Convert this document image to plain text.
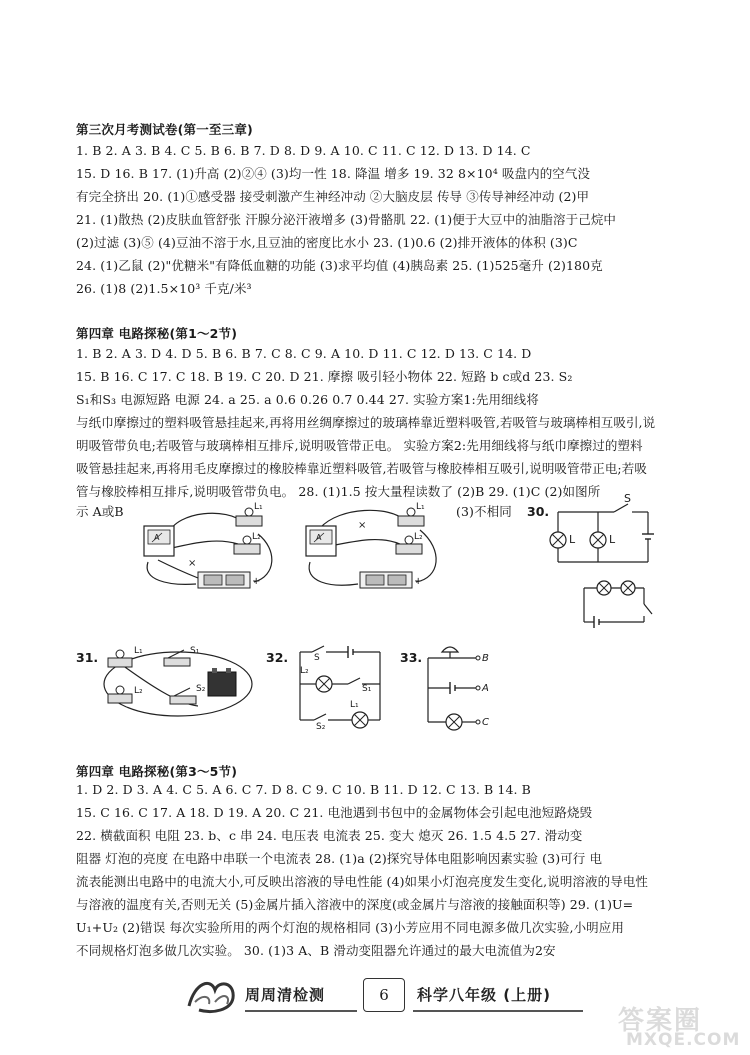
第三次月考测试卷(第一至三章)
1. B 2. A 3. B 4. C 5. B 6. B 7. D 8. D 9. A 10. C 11. C 12. D 13. D 14. C
15. D 16. B 17. (1)升高 (2)②④ (3)均一性 18. 降温 增多 19. 32 8×10⁴ 吸盘内的空气没
有完全挤出 20. (1)①感受器 接受刺激产生神经冲动 ②大脑皮层 传导 ③传导神经冲动 (2)甲
21. (1)散热 (2)皮肤血管舒张 汗腺分泌汗液增多 (3)骨骼肌 22. (1)便于大豆中的油脂溶于己烷中
(2)过滤 (3)⑤ (4)豆油不溶于水,且豆油的密度比水小 23. (1)0.6 (2)排开液体的体积 (3)C
24. (1)乙鼠 (2)"优糖米"有降低血糖的功能 (3)求平均值 (4)胰岛素 25. (1)525毫升 (2)180克
26. (1)8 (2)1.5×10³ 千克/米³
第四章 电路探秘(第1～2节)
1. B 2. A 3. D 4. D 5. B 6. B 7. C 8. C 9. A 10. D 11. C 12. D 13. C 14. D
15. B 16. C 17. C 18. B 19. C 20. D 21. 摩擦 吸引轻小物体 22. 短路 b c或d 23. S₂
S₁和S₃ 电源短路 电源 24. a 25. a 0.6 0.26 0.7 0.44 27. 实验方案1:先用细线将
与纸巾摩擦过的塑料吸管悬挂起来,再将用丝绸摩擦过的玻璃棒靠近塑料吸管,若吸管与玻璃棒相互吸引,说
明吸管带负电;若吸管与玻璃棒相互排斥,说明吸管带正电。 实验方案2:先用细线将与纸巾摩擦过的塑料
吸管悬挂起来,再将用毛皮摩擦过的橡胶棒靠近塑料吸管,若吸管与橡胶棒相互吸引,说明吸管带正电;若吸
管与橡胶棒相互排斥,说明吸管带负电。 28. (1)1.5 按大量程读数了 (2)B 29. (1)C (2)如图所
示 A或B
×
+
A
L₁
L₂
×
+
A
L₁
L₂
(3)不相同	30.
L	L
S
31.	L₁
L₂
S₁
S₂
32.	S
L₂
S₁
L₁
S₂
33.	B
A
C
第四章 电路探秘(第3～5节)
1. D 2. D 3. A 4. C 5. A 6. C 7. D 8. C 9. C 10. B 11. D 12. C 13. B 14. B
15. C 16. C 17. A 18. D 19. A 20. C 21. 电池遇到书包中的金属物体会引起电池短路烧毁
22. 横截面积 电阻 23. b、c 串 24. 电压表 电流表 25. 变大 熄灭 26. 1.5 4.5 27. 滑动变
阻器 灯泡的亮度 在电路中串联一个电流表 28. (1)a (2)探究导体电阻影响因素实验 (3)可行 电
流表能测出电路中的电流大小,可反映出溶液的导电性能 (4)如果小灯泡亮度发生变化,说明溶液的导电性
与溶液的温度有关,否则无关 (5)金属片插入溶液中的深度(或金属片与溶液的接触面积等) 29. (1)U=
U₁+U₂ (2)错误 每次实验所用的两个灯泡的规格相同 (3)小芳应用不同电源多做几次实验,小明应用
不同规格灯泡多做几次实验。 30. (1)3 A、B 滑动变阻器允许通过的最大电流值为2安
周周清检测	6	科学八年级 (上册)
答案圈
MXQE.COM
